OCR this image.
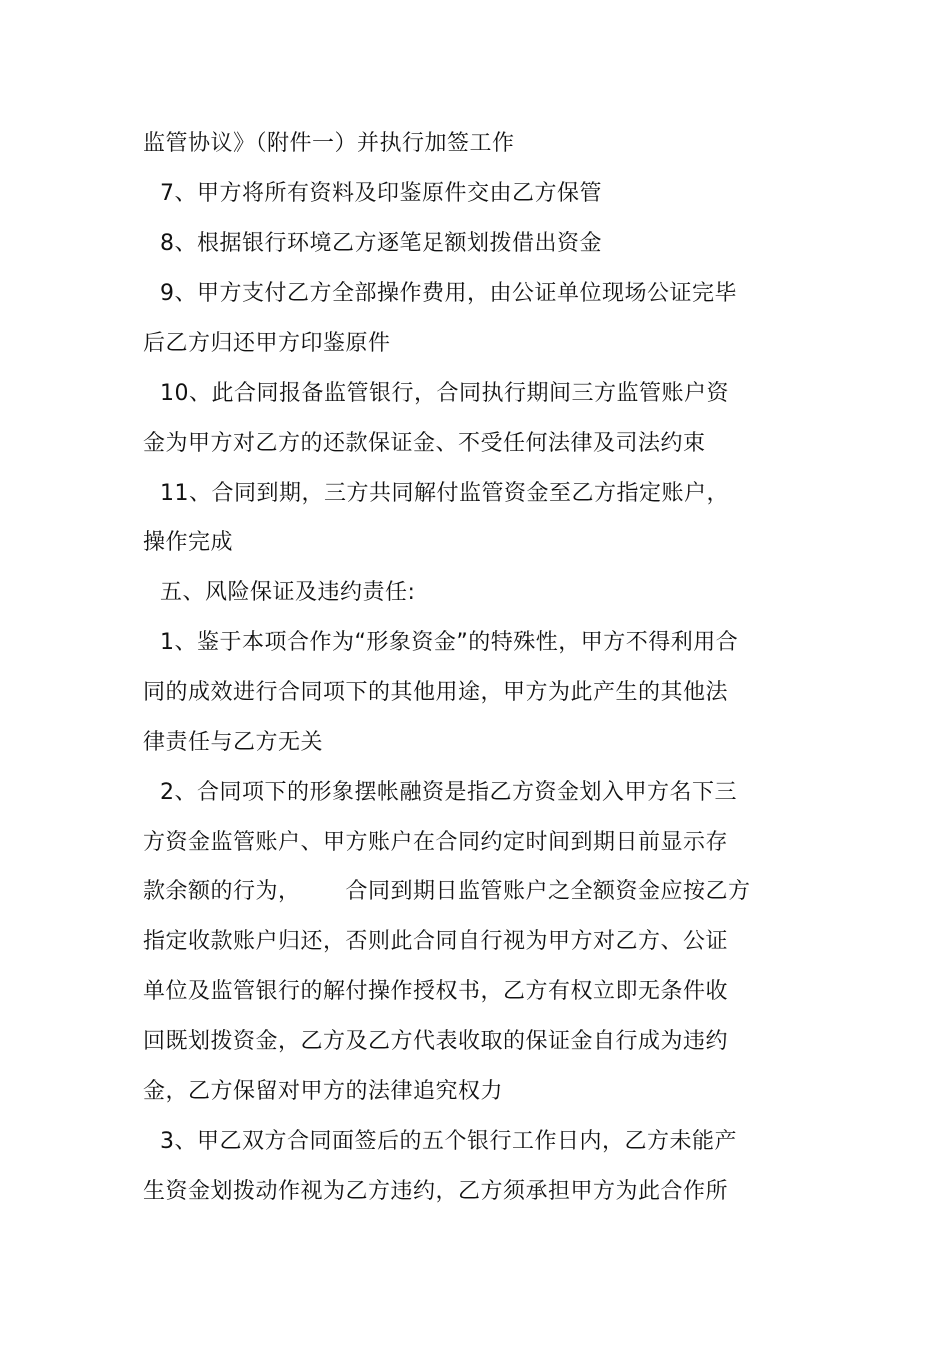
监管协议》（附件一）并执行加签工作
7、甲方将所有资料及印鉴原件交由乙方保管
8、根据银行环境乙方逐笔足额划拨借出资金
9、甲方支付乙方全部操作费用，由公证单位现场公证完毕
后乙方归还甲方印鉴原件
10、此合同报备监管银行，合同执行期间三方监管账户资
金为甲方对乙方的还款保证金、不受任何法律及司法约束
11、合同到期，三方共同解付监管资金至乙方指定账户，
操作完成
五、风险保证及违约责任:
1、鉴于本项合作为“形象资金”的特殊性，甲方不得利用合
同的成效进行合同项下的其他用途，甲方为此产生的其他法
律责任与乙方无关
2、合同项下的形象摆帐融资是指乙方资金划入甲方名下三
方资金监管账户、甲方账户在合同约定时间到期日前显示存
款余额的行为，      合同到期日监管账户之全额资金应按乙方
指定收款账户归还，否则此合同自行视为甲方对乙方、公证
单位及监管银行的解付操作授权书，乙方有权立即无条件收
回既划拨资金，乙方及乙方代表收取的保证金自行成为违约
金，乙方保留对甲方的法律追究权力
3、甲乙双方合同面签后的五个银行工作日内，乙方未能产
生资金划拨动作视为乙方违约，乙方须承担甲方为此合作所
